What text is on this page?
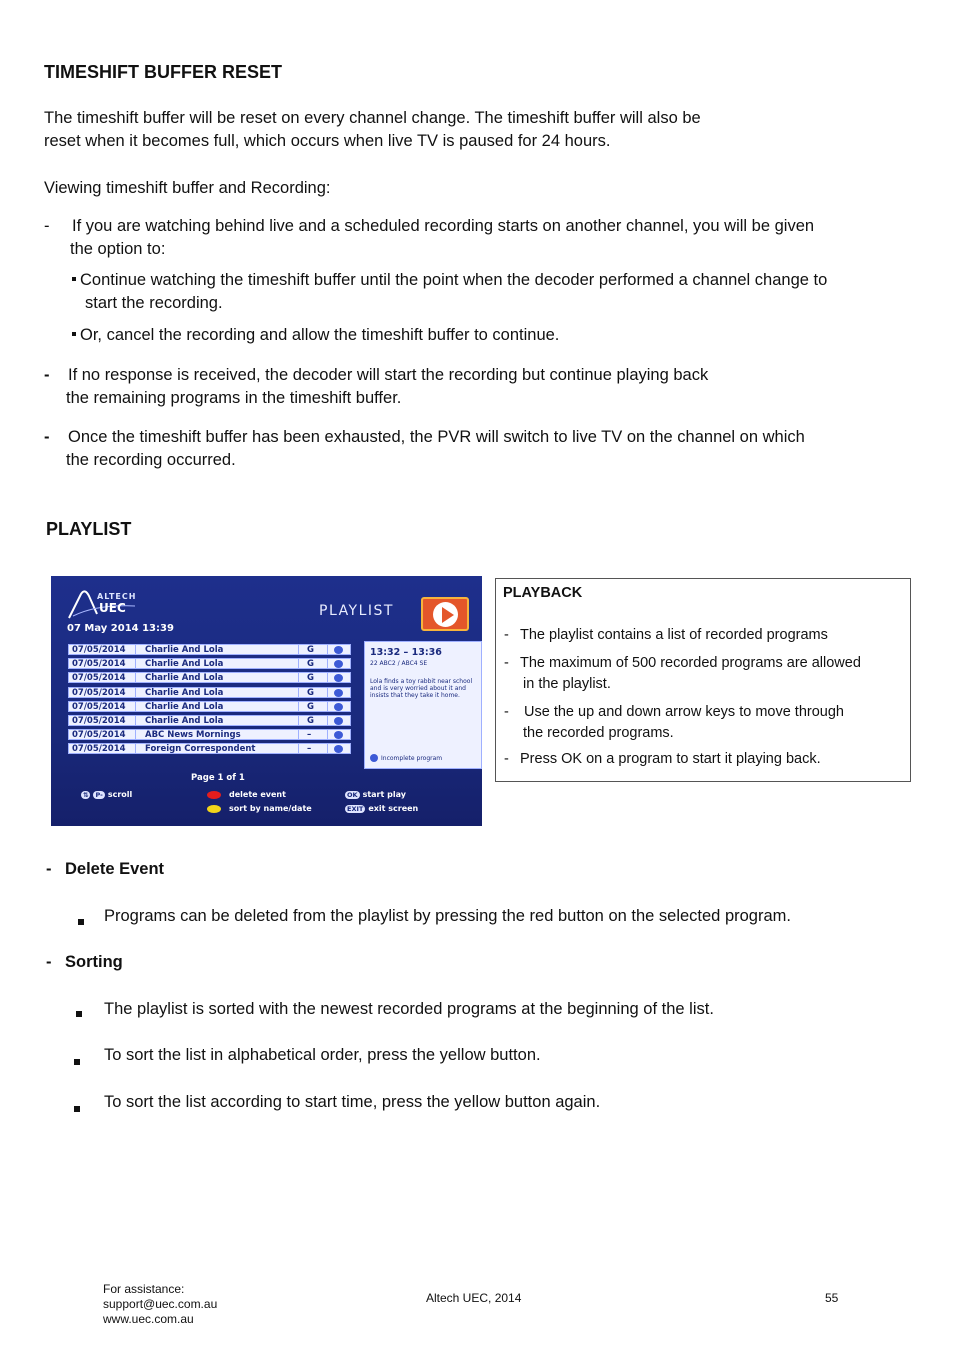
TIMESHIFT BUFFER RESET
The timeshift buffer will be reset on every channel change. The timeshift buffer will also be
reset when it becomes full, which occurs when live TV is paused for 24 hours.
Viewing timeshift buffer and Recording:
- If you are watching behind live and a scheduled recording starts on another channel, you will be given
the option to:
Continue watching the timeshift buffer until the point when the decoder performed a channel change to
start the recording.
Or, cancel the recording and allow the timeshift buffer to continue.
- If no response is received, the decoder will start the recording but continue playing back
the remaining programs in the timeshift buffer.
- Once the timeshift buffer has been exhausted, the PVR will switch to live TV on the channel on which
the recording occurred.
PLAYLIST
ALTECH
UEC	PLAYLIST
07 May 2014 13:39
07/05/2014 Charlie And Lola	G
07/05/2014 Charlie And Lola	G
07/05/2014 Charlie And Lola	G
07/05/2014 Charlie And Lola	G
07/05/2014 Charlie And Lola	G
07/05/2014 Charlie And Lola	G
07/05/2014 ABC News Mornings	–
07/05/2014 Foreign Correspondent	–
13:32 – 13:36
22 ABC2 / ABC4 SE
Lola finds a toy rabbit near school and is very worried about it and insists that they take it home.
Incomplete program
Page 1 of 1
⇅ P- scroll	delete event
sort by name/date
OK start play
EXIT exit screen
PLAYBACK
- The playlist contains a list of recorded programs
- The maximum of 500 recorded programs are allowed
in the playlist.
- Use the up and down arrow keys to move through
the recorded programs.
- Press OK on a program to start it playing back.
- Delete Event
Programs can be deleted from the playlist by pressing the red button on the selected program.
- Sorting
The playlist is sorted with the newest recorded programs at the beginning of the list.
To sort the list in alphabetical order, press the yellow button.
To sort the list according to start time, press the yellow button again.
For assistance:
support@uec.com.au
www.uec.com.au
Altech UEC, 2014	55
